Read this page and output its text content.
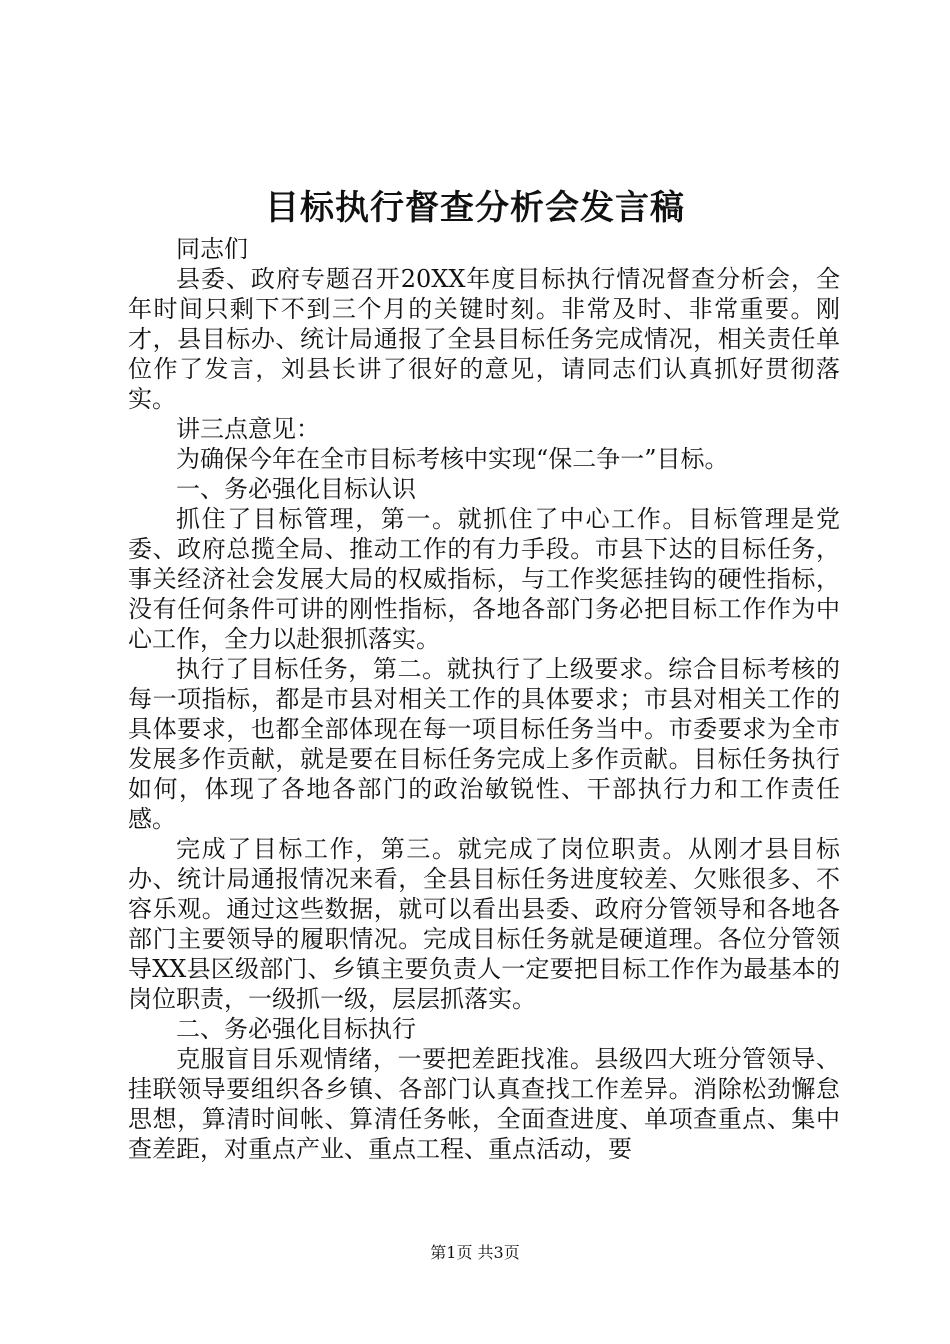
目标执行督查分析会发言稿

同志们

县委、政府专题召开20XX年度目标执行情况督查分析会，全年时间只剩下不到三个月的关键时刻。非常及时、非常重要。刚才，县目标办、统计局通报了全县目标任务完成情况，相关责任单位作了发言，刘县长讲了很好的意见，请同志们认真抓好贯彻落实。

讲三点意见：

为确保今年在全市目标考核中实现“保二争一”目标。

一、务必强化目标认识

抓住了目标管理，第一。就抓住了中心工作。目标管理是党委、政府总揽全局、推动工作的有力手段。市县下达的目标任务，事关经济社会发展大局的权威指标，与工作奖惩挂钩的硬性指标，没有任何条件可讲的刚性指标，各地各部门务必把目标工作作为中心工作，全力以赴狠抓落实。

执行了目标任务，第二。就执行了上级要求。综合目标考核的每一项指标，都是市县对相关工作的具体要求；市县对相关工作的具体要求，也都全部体现在每一项目标任务当中。市委要求为全市发展多作贡献，就是要在目标任务完成上多作贡献。目标任务执行如何，体现了各地各部门的政治敏锐性、干部执行力和工作责任感。

完成了目标工作，第三。就完成了岗位职责。从刚才县目标办、统计局通报情况来看，全县目标任务进度较差、欠账很多、不容乐观。通过这些数据，就可以看出县委、政府分管领导和各地各部门主要领导的履职情况。完成目标任务就是硬道理。各位分管领导XX县区级部门、乡镇主要负责人一定要把目标工作作为最基本的岗位职责，一级抓一级，层层抓落实。

二、务必强化目标执行

克服盲目乐观情绪，一要把差距找准。县级四大班分管领导、挂联领导要组织各乡镇、各部门认真查找工作差异。消除松劲懈怠思想，算清时间帐、算清任务帐，全面查进度、单项查重点、集中查差距，对重点产业、重点工程、重点活动，要

第1页 共3页
